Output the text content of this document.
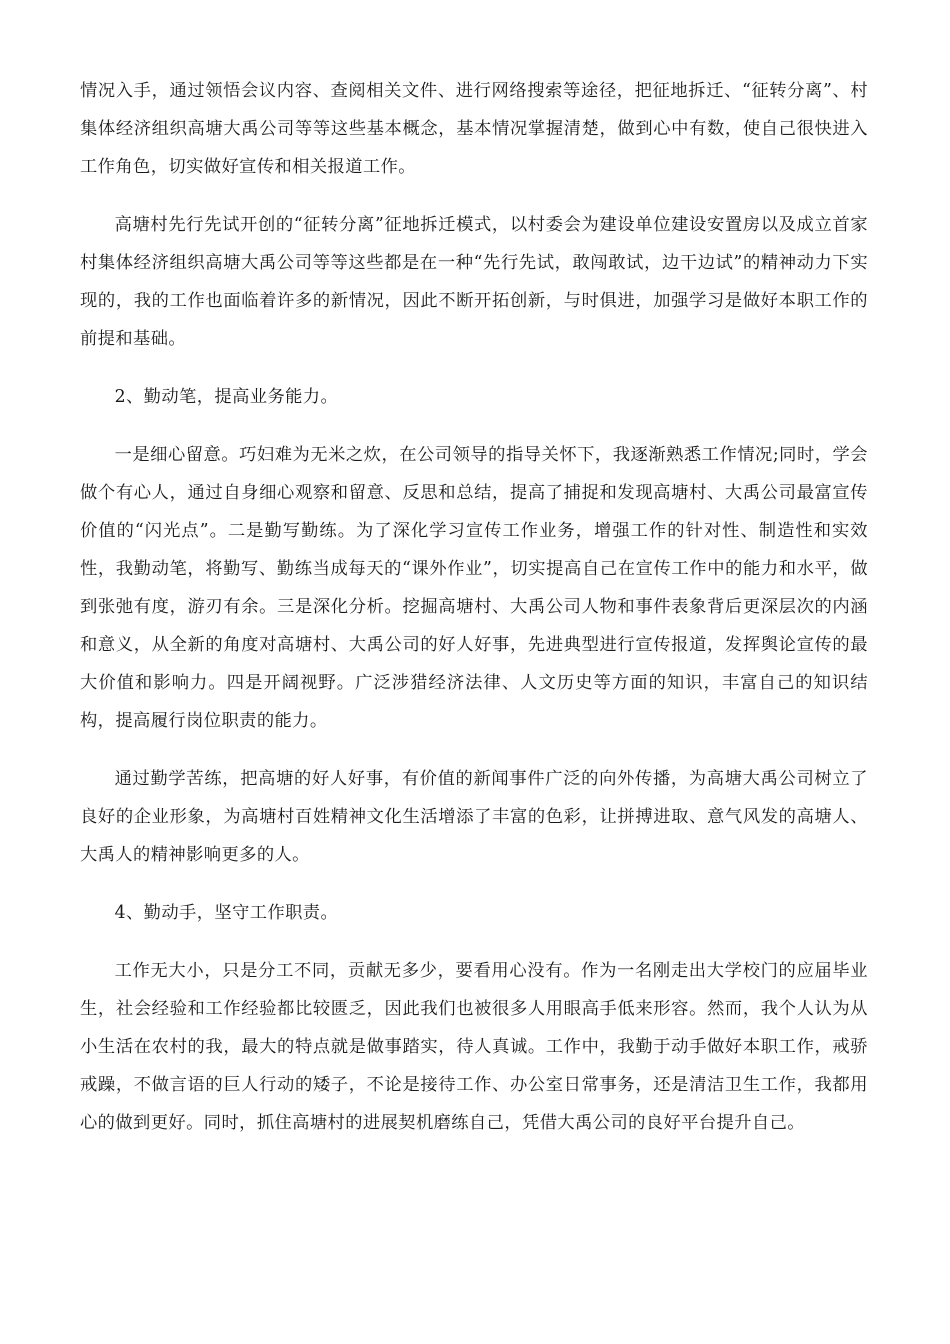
情况入手，通过领悟会议内容、查阅相关文件、进行网络搜索等途径，把征地拆迁、“征转分离”、村集体经济组织高塘大禹公司等等这些基本概念，基本情况掌握清楚，做到心中有数，使自己很快进入工作角色，切实做好宣传和相关报道工作。

高塘村先行先试开创的“征转分离”征地拆迁模式，以村委会为建设单位建设安置房以及成立首家村集体经济组织高塘大禹公司等等这些都是在一种“先行先试，敢闯敢试，边干边试”的精神动力下实现的，我的工作也面临着许多的新情况，因此不断开拓创新，与时俱进，加强学习是做好本职工作的前提和基础。

2、勤动笔，提高业务能力。

一是细心留意。巧妇难为无米之炊，在公司领导的指导关怀下，我逐渐熟悉工作情况;同时，学会做个有心人，通过自身细心观察和留意、反思和总结，提高了捕捉和发现高塘村、大禹公司最富宣传价值的“闪光点”。二是勤写勤练。为了深化学习宣传工作业务，增强工作的针对性、制造性和实效性，我勤动笔，将勤写、勤练当成每天的“课外作业”，切实提高自己在宣传工作中的能力和水平，做到张弛有度，游刃有余。三是深化分析。挖掘高塘村、大禹公司人物和事件表象背后更深层次的内涵和意义，从全新的角度对高塘村、大禹公司的好人好事，先进典型进行宣传报道，发挥舆论宣传的最大价值和影响力。四是开阔视野。广泛涉猎经济法律、人文历史等方面的知识，丰富自己的知识结构，提高履行岗位职责的能力。

通过勤学苦练，把高塘的好人好事，有价值的新闻事件广泛的向外传播，为高塘大禹公司树立了良好的企业形象，为高塘村百姓精神文化生活增添了丰富的色彩，让拼搏进取、意气风发的高塘人、大禹人的精神影响更多的人。

4、勤动手，坚守工作职责。

工作无大小，只是分工不同，贡献无多少，要看用心没有。作为一名刚走出大学校门的应届毕业生，社会经验和工作经验都比较匮乏，因此我们也被很多人用眼高手低来形容。然而，我个人认为从小生活在农村的我，最大的特点就是做事踏实，待人真诚。工作中，我勤于动手做好本职工作，戒骄戒躁，不做言语的巨人行动的矮子，不论是接待工作、办公室日常事务，还是清洁卫生工作，我都用心的做到更好。同时，抓住高塘村的进展契机磨练自己，凭借大禹公司的良好平台提升自己。
